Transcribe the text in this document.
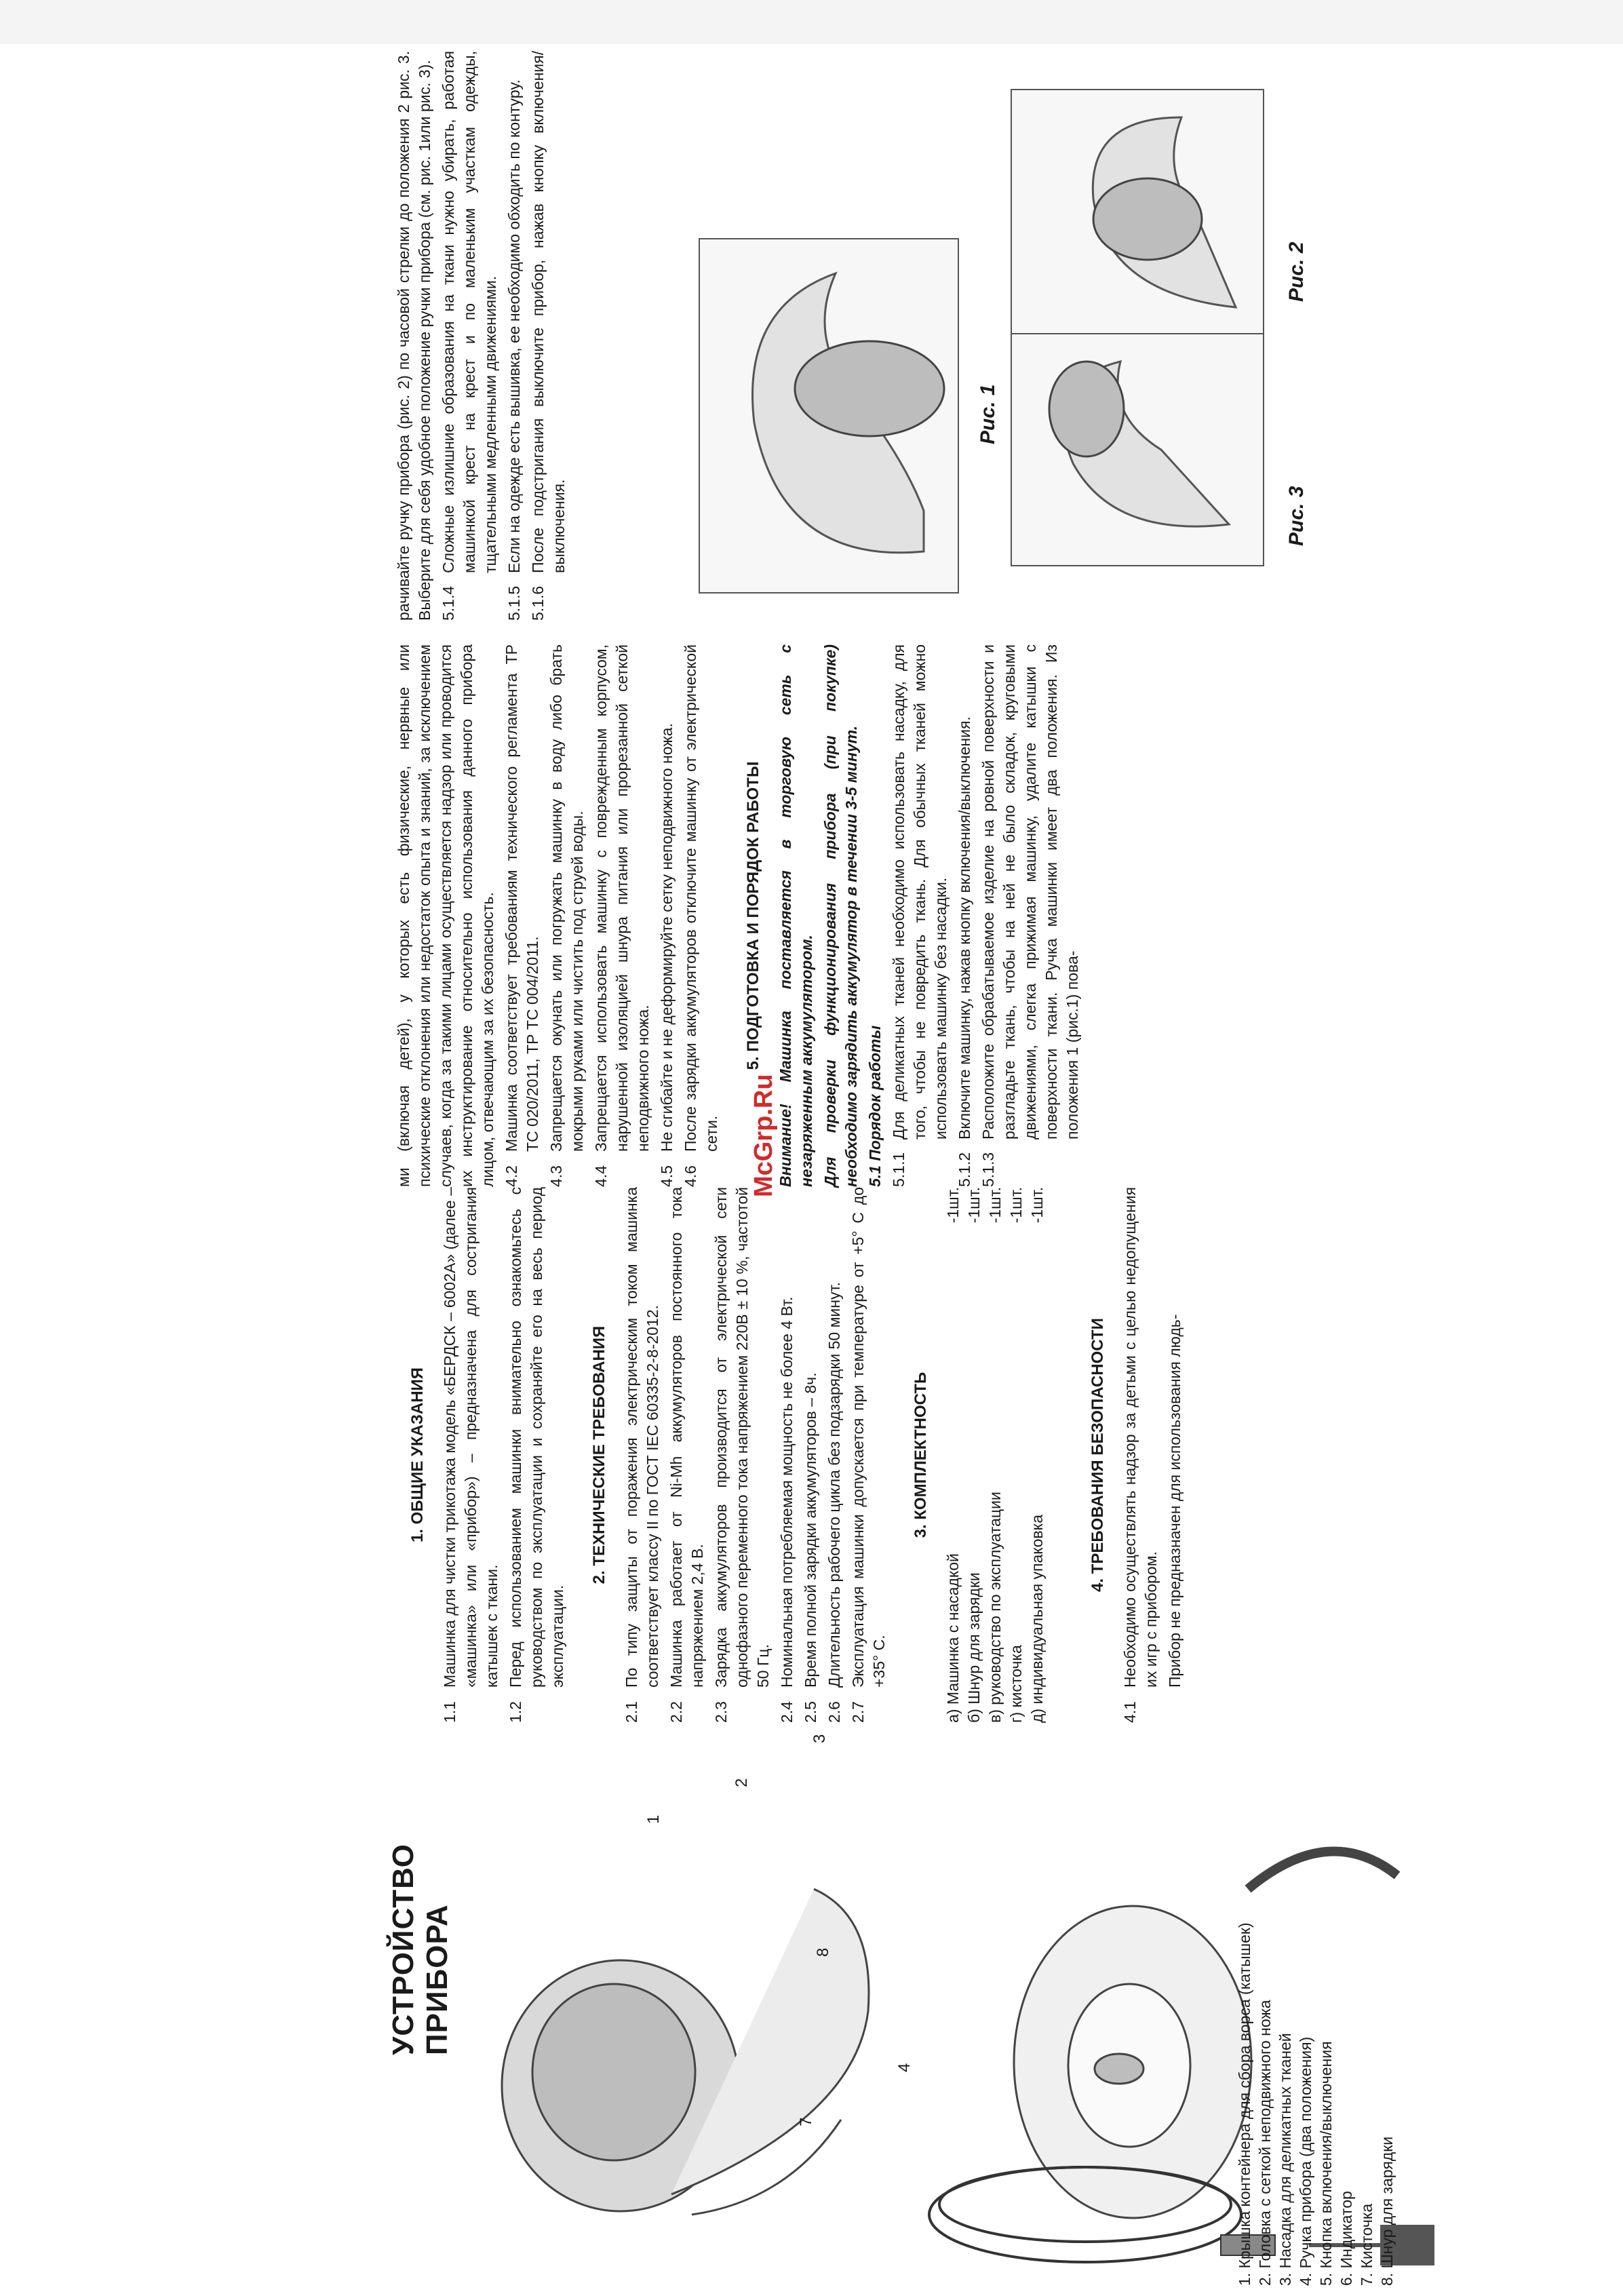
УСТРОЙСТВО ПРИБОРА
1
2
3
4
7
8	1. Крышка контейнера для сбора ворса (катышек) 2. Головка с сеткой неподвижного ножа 3. Насадка для деликатных тканей 4. Ручка прибора (два положения) 5. Кнопка включения/выключения 6. Индикатор 7. Кисточка 8. Шнур для зарядки
1. ОБЩИЕ УКАЗАНИЯ
1.1
Машинка для чистки трикотажа модель «БЕРДСК – 6002А» (далее – «машинка» или «прибор») – предназначена для состригания катышек с ткани.
1.2
Перед использованием машинки внимательно ознакомьтесь с руководством по эксплуатации и сохраняйте его на весь период эксплуатации.
2. ТЕХНИЧЕСКИЕ ТРЕБОВАНИЯ
2.1
По типу защиты от поражения электрическим током машинка соответствует классу II по ГОСТ IEC 60335-2-8-2012.
2.2
Машинка работает от Ni-Mh аккумуляторов постоянного тока напряжением 2,4 В.
2.3
Зарядка аккумуляторов производится от электрической сети однофазного переменного тока напряжением 220В ± 10 %, частотой 50 Гц.
2.4
Номинальная потребляемая мощность не более 4 Вт.
2.5
Время полной зарядки аккумуляторов – 8ч.
2.6
Длительность рабочего цикла без подзарядки 50 минут.
2.7
Эксплуатация машинки допускается при температуре от +5° С до +35° С.
3. КОМПЛЕКТНОСТЬ
а) Машинка с насадкой
-1шт.
б) Шнур для зарядки
-1шт.
в) руководство по эксплуатации
-1шт.
г) кисточка
-1шт.
д) индивидуальная упаковка
-1шт.
4. ТРЕБОВАНИЯ БЕЗОПАСНОСТИ
4.1
Необходимо осуществлять надзор за детьми с целью недопущения их игр с прибором. Прибор не предназначен для использования людь-
McGrp.Ru
ми (включая детей), у которых есть физические, нервные или психические отклонения или недостаток опыта и знаний, за исключением случаев, когда за такими лицами осуществляется надзор или проводится их инструктирование относительно использования данного прибора лицом, отвечающим за их безопасность. 4.2
Машинка соответствует требованиям технического регламента ТР ТС 020/2011, ТР ТС 004/2011.
4.3
Запрещается окунать или погружать машинку в воду либо брать мокрыми руками или чистить под струей воды.
4.4
Запрещается использовать машинку с поврежденным корпусом, нарушенной изоляцией шнура питания или прорезанной сеткой неподвижного ножа.
4.5
Не сгибайте и не деформируйте сетку неподвижного ножа.
4.6
После зарядки аккумуляторов отключите машинку от электрической сети.
5. ПОДГОТОВКА И ПОРЯДОК РАБОТЫ Внимание! Машинка поставляется в торговую сеть с незаряженным аккумулятором. Для проверки функционирования прибора (при покупке) необходимо зарядить аккумулятор в течении 3-5 минут. 5.1 Порядок работы 5.1.1
Для деликатных тканей необходимо использовать насадку, для того, чтобы не повредить ткань. Для обычных тканей можно использовать машинку без насадки.
5.1.2
Включите машинку, нажав кнопку включения/выключения.
5.1.3
Расположите обрабатываемое изделие на ровной поверхности и разгладьте ткань, чтобы на ней не было складок, круговыми движениями, слегка прижимая машинку, удалите катышки с поверхности ткани. Ручка машинки имеет два положения. Из положения 1 (рис.1) пова-
рачивайте ручку прибора (рис. 2) по часовой стрелки до положения 2 рис. 3. Выберите для себя удобное положение ручки прибора (см. рис. 1или рис. 3). 5.1.4
Сложные излишние образования на ткани нужно убирать, работая машинкой крест на крест и по маленьким участкам одежды, тщательными медленными движениями.
5.1.5
Если на одежде есть вышивка, ее необходимо обходить по контуру.
5.1.6
После подстригания выключите прибор, нажав кнопку включения/выключения.
Рис. 1
Рис. 2
Рис. 3
